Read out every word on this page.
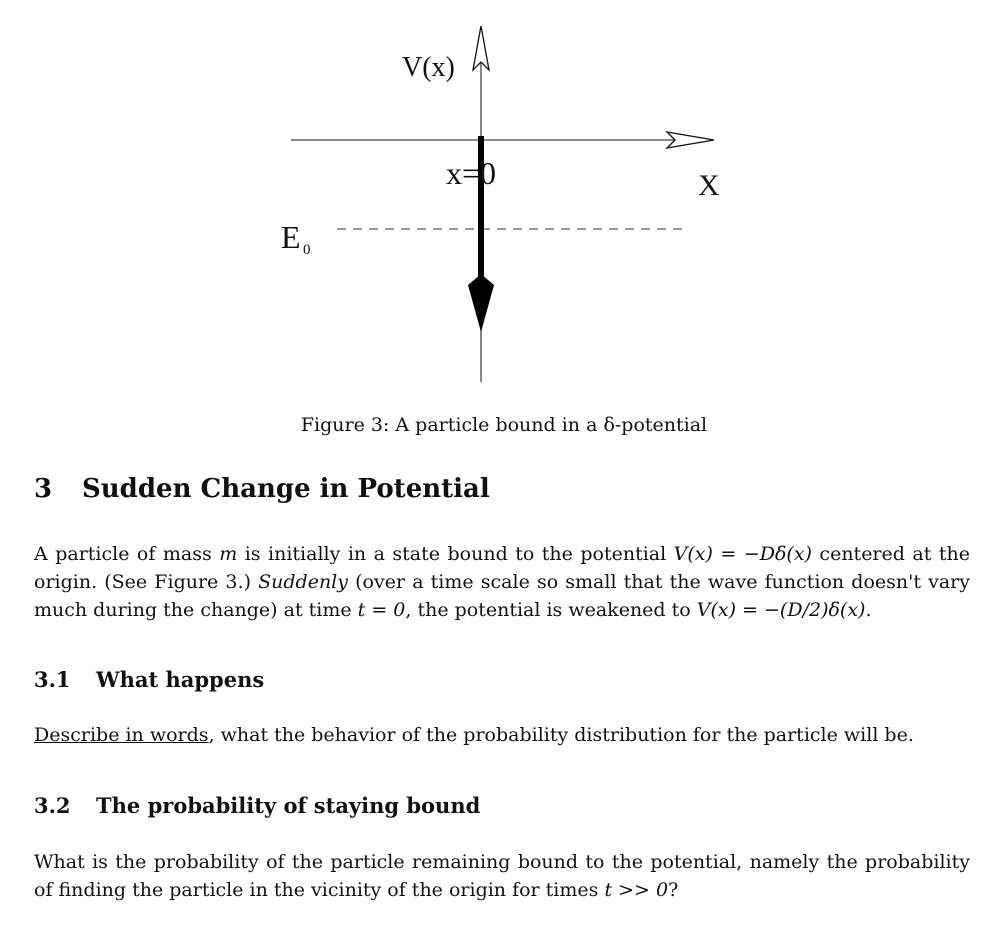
V(x)
x=0	X
E 0
Figure 3: A particle bound in a δ-potential
3 Sudden Change in Potential
A particle of mass m is initially in a state bound to the potential V(x) = −Dδ(x) centered at the origin. (See Figure 3.) Suddenly (over a time scale so small that the wave function doesn't vary much during the change) at time t = 0, the potential is weakened to V(x) = −(D/2)δ(x).
3.1 What happens
Describe in words, what the behavior of the probability distribution for the particle will be.
3.2 The probability of staying bound
What is the probability of the particle remaining bound to the potential, namely the probability of finding the particle in the vicinity of the origin for times t >> 0?
